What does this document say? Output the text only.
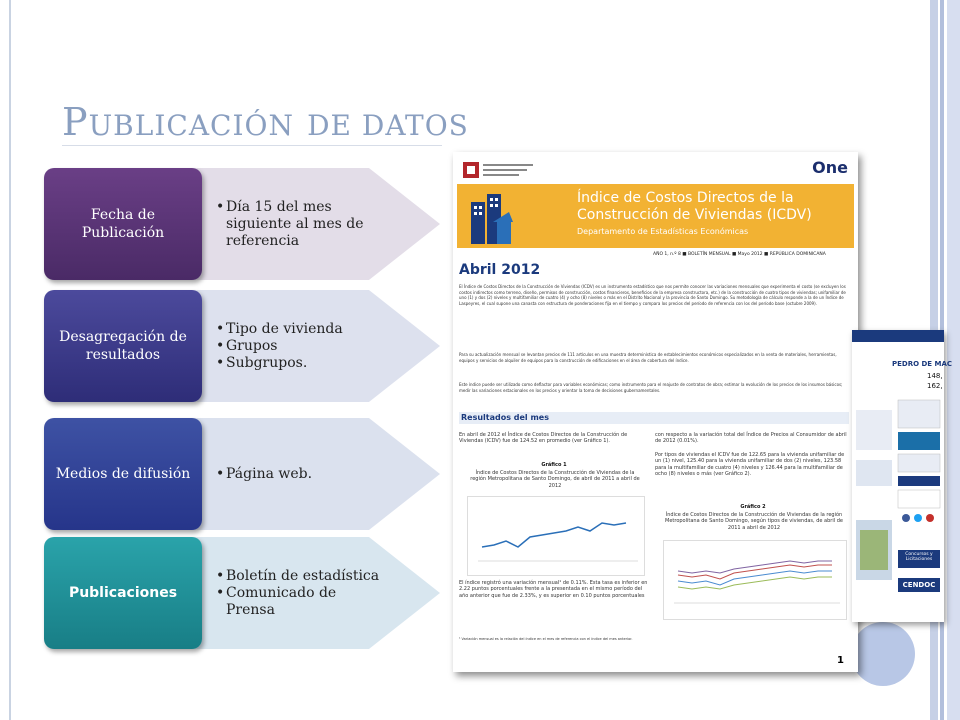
PUBLICACIÓN DE DATOS
Fecha de Publicación
• Día 15 del mes siguiente al mes de referencia
Desagregación de resultados
• Tipo de vivienda
• Grupos
• Subgrupos.
Medios de difusión
•	Página web.
Publicaciones
• Boletín de estadística
• Comunicado de Prensa
One
Índice de Costos Directos de la
Construcción de Viviendas (ICDV)
Departamento de Estadísticas Económicas
AÑO 1, n.º 8 ■ BOLETÍN MENSUAL ■ Mayo 2012 ■ REPÚBLICA DOMINICANA
Abril 2012
El Índice de Costos Directos de la Construcción de Viviendas (ICDV) es un instrumento estadístico que nos permite conocer las variaciones mensuales que experimenta el costo (se excluyen los costos indirectos como terreno, diseño, permisos de construcción, costos financieros, beneficios de la empresa constructora, etc.) de la construcción de cuatro tipos de viviendas; unifamiliar de uno (1) y dos (2) niveles y multifamiliar de cuatro (4) y ocho (8) niveles o más en el Distrito Nacional y la provincia de Santo Domingo. Su metodología de cálculo responde a la de un Índice de Laspeyres, el cual supone una canasta con estructura de ponderaciones fija en el tiempo y compara los precios del período de referencia con los del período base (octubre 2009).
Para su actualización mensual se levantan precios de 111 artículos en una muestra determinística de establecimientos económicos especializados en la venta de materiales, herramientas, equipos y servicios de alquiler de equipos para la construcción de edificaciones en el área de cobertura del índice.
Este índice puede ser utilizado como deflactor para variables económicas; como instrumento para el reajuste de contratos de obra; estimar la evolución de los precios de los insumos básicos; medir las variaciones estacionales en los precios y orientar la toma de decisiones gubernamentales.
Resultados del mes
En abril de 2012 el Índice de Costos Directos de la Construcción de Viviendas (ICDV) fue de 124.52 en promedio (ver Gráfico 1).
con respecto a la variación total del Índice de Precios al Consumidor de abril de 2012 (0.01%).
Por tipos de viviendas el ICDV fue de 122.65 para la vivienda unifamiliar de un (1) nivel, 125.40 para la vivienda unifamiliar de dos (2) niveles, 123.58 para la multifamiliar de cuatro (4) niveles y 126.44 para la multifamiliar de ocho (8) niveles o más (ver Gráfico 2).
Gráfico 1
Índice de Costos Directos de la Construcción de Viviendas de la región Metropolitana de Santo Domingo, de abril de 2011 a abril de 2012
El índice registró una variación mensual¹ de 0.11%. Esta tasa es inferior en 2.22 puntos porcentuales frente a la presentada en el mismo período del año anterior que fue de 2.33%, y es superior en 0.10 puntos porcentuales
Gráfico 2
Índice de Costos Directos de la Construcción de Viviendas de la región Metropolitana de Santo Domingo, según tipos de viviendas, de abril de 2011 a abril de 2012
¹ Variación mensual es la relación del índice en el mes de referencia con el índice del mes anterior.
1
PEDRO DE MAC
148,
162,
Concursos y Licitaciones
CENDOC
